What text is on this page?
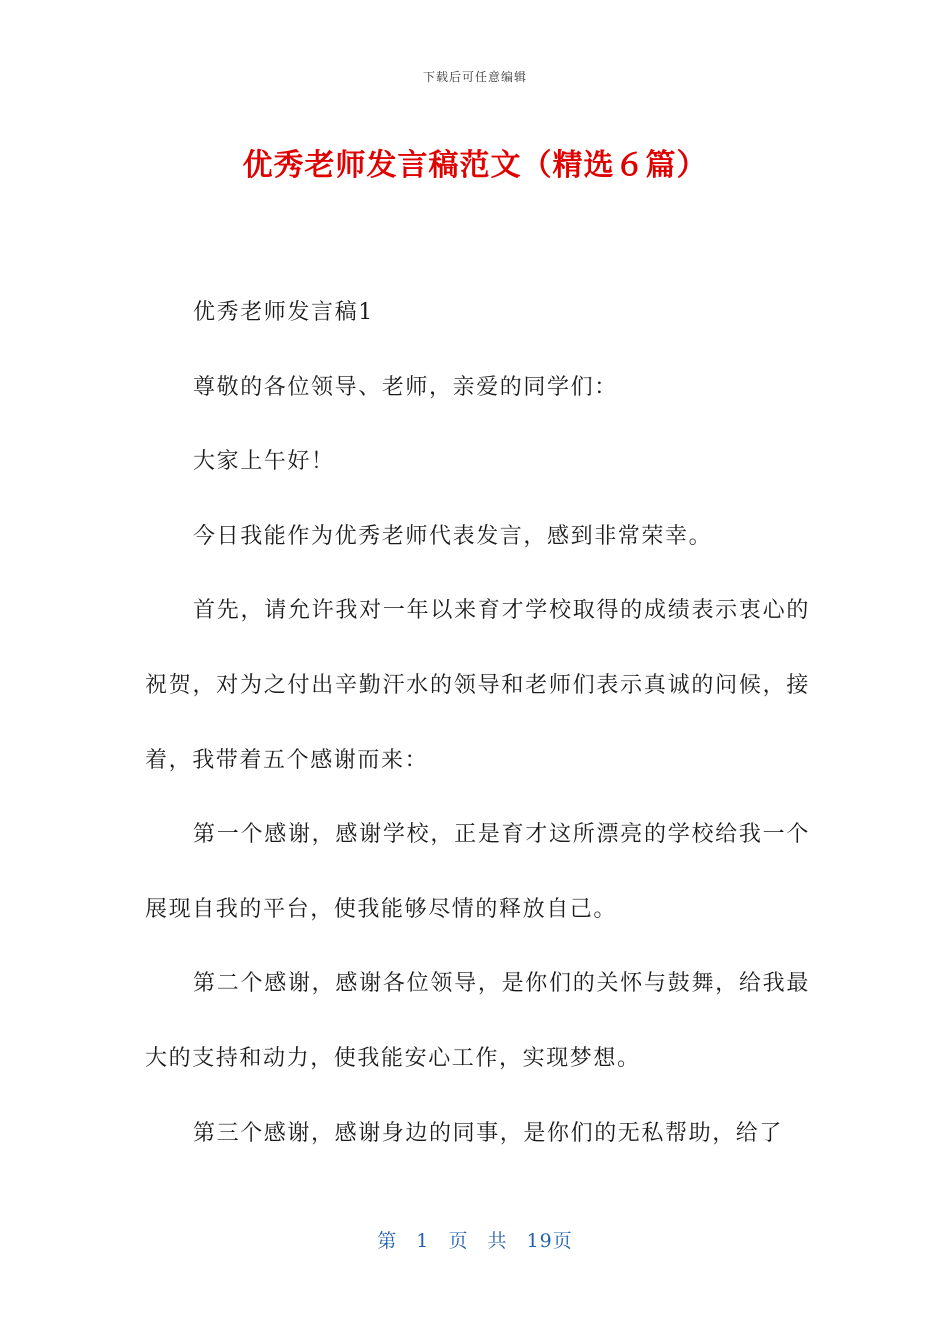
下载后可任意编辑
优秀老师发言稿范文（精选６篇）

优秀老师发言稿1

尊敬的各位领导、老师，亲爱的同学们：

大家上午好！

今日我能作为优秀老师代表发言，感到非常荣幸。

首先，请允许我对一年以来育才学校取得的成绩表示衷心的祝贺，对为之付出辛勤汗水的领导和老师们表示真诚的问候，接着，我带着五个感谢而来：

第一个感谢，感谢学校，正是育才这所漂亮的学校给我一个展现自我的平台，使我能够尽情的释放自己。

第二个感谢，感谢各位领导，是你们的关怀与鼓舞，给我最大的支持和动力，使我能安心工作，实现梦想。

第三个感谢，感谢身边的同事，是你们的无私帮助，给了

第 1 页 共 19页
